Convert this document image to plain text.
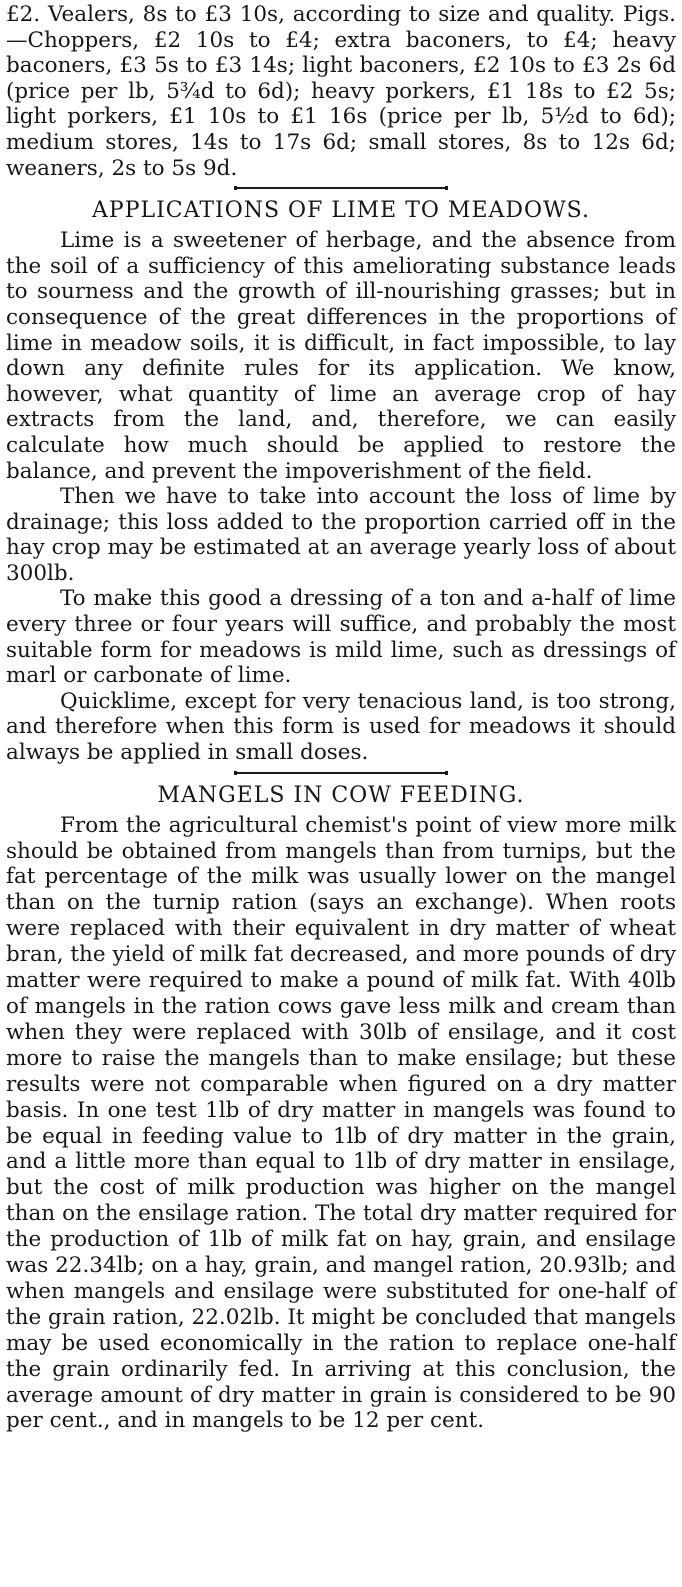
£2. Vealers, 8s to £3 10s, according to size and quality. Pigs.—Choppers, £2 10s to £4; extra baconers, to £4; heavy baconers, £3 5s to £3 14s; light baconers, £2 10s to £3 2s 6d (price per lb, 5¾d to 6d); heavy porkers, £1 18s to £2 5s; light porkers, £1 10s to £1 16s (price per lb, 5½d to 6d); medium stores, 14s to 17s 6d; small stores, 8s to 12s 6d; weaners, 2s to 5s 9d.

APPLICATIONS OF LIME TO MEADOWS.

Lime is a sweetener of herbage, and the absence from the soil of a sufficiency of this ameliorating substance leads to sourness and the growth of ill-nourishing grasses; but in consequence of the great differences in the proportions of lime in meadow soils, it is difficult, in fact impossible, to lay down any definite rules for its application. We know, however, what quantity of lime an average crop of hay extracts from the land, and, therefore, we can easily calculate how much should be applied to restore the balance, and prevent the impoverishment of the field.

Then we have to take into account the loss of lime by drainage; this loss added to the proportion carried off in the hay crop may be estimated at an average yearly loss of about 300lb.

To make this good a dressing of a ton and a-half of lime every three or four years will suffice, and probably the most suitable form for meadows is mild lime, such as dressings of marl or carbonate of lime.

Quicklime, except for very tenacious land, is too strong, and therefore when this form is used for meadows it should always be applied in small doses.

MANGELS IN COW FEEDING.

From the agricultural chemist's point of view more milk should be obtained from mangels than from turnips, but the fat percentage of the milk was usually lower on the mangel than on the turnip ration (says an exchange). When roots were replaced with their equivalent in dry matter of wheat bran, the yield of milk fat decreased, and more pounds of dry matter were required to make a pound of milk fat. With 40lb of mangels in the ration cows gave less milk and cream than when they were replaced with 30lb of ensilage, and it cost more to raise the mangels than to make ensilage; but these results were not comparable when figured on a dry matter basis. In one test 1lb of dry matter in mangels was found to be equal in feeding value to 1lb of dry matter in the grain, and a little more than equal to 1lb of dry matter in ensilage, but the cost of milk production was higher on the mangel than on the ensilage ration. The total dry matter required for the production of 1lb of milk fat on hay, grain, and ensilage was 22.34lb; on a hay, grain, and mangel ration, 20.93lb; and when mangels and ensilage were substituted for one-half of the grain ration, 22.02lb. It might be concluded that mangels may be used economically in the ration to replace one-half the grain ordinarily fed. In arriving at this conclusion, the average amount of dry matter in grain is considered to be 90 per cent., and in mangels to be 12 per cent.
